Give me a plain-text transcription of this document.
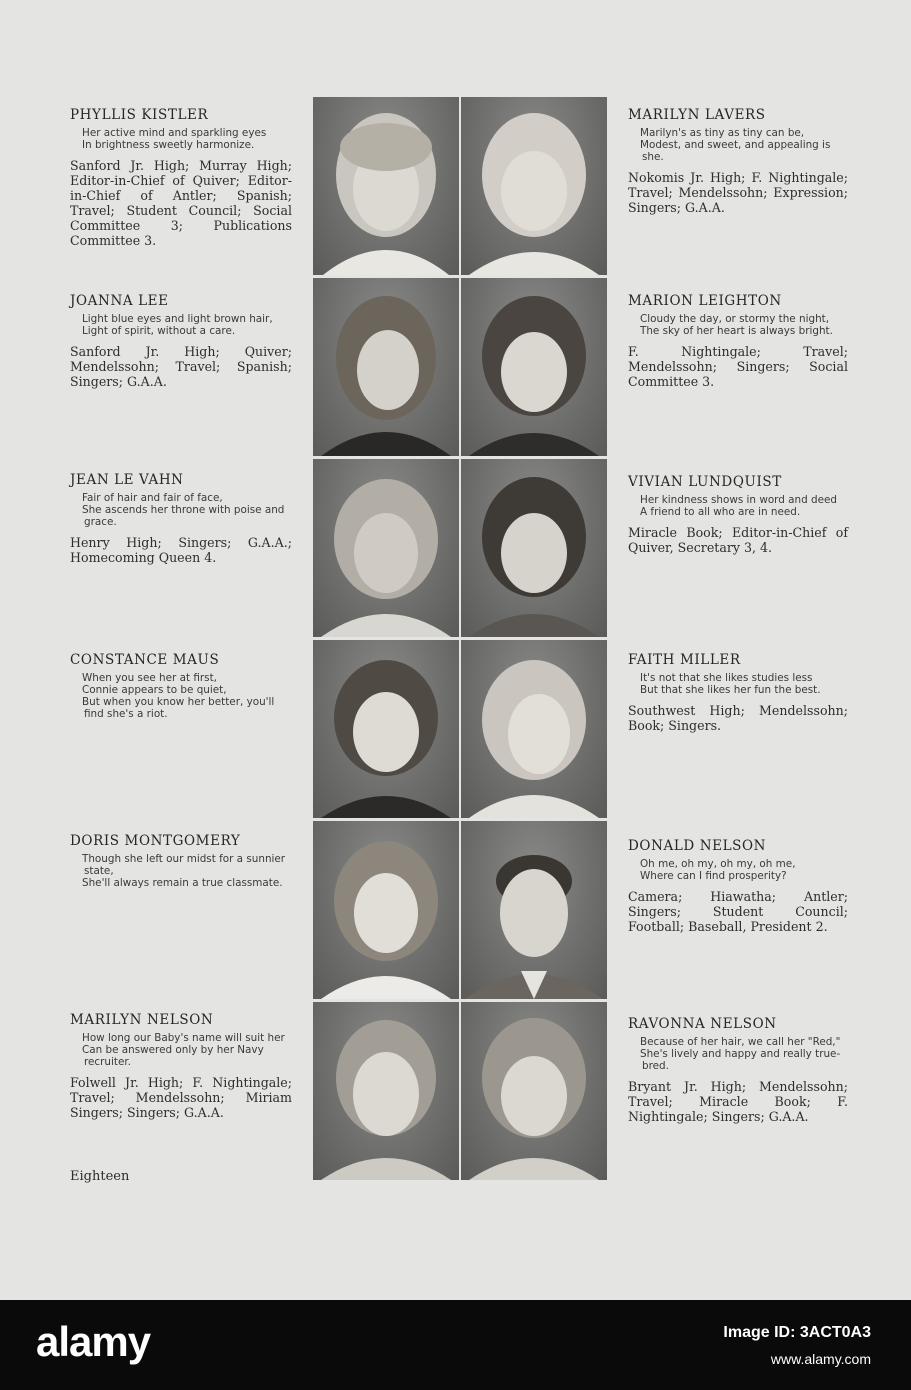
PHYLLIS KISTLER
Her active mind and sparkling eyes
In brightness sweetly harmonize.
Sanford Jr. High; Murray High; Editor-in-Chief of Quiver; Editor-in-Chief of Antler; Spanish; Travel; Student Council; Social Committee 3; Publications Committee 3.
JOANNA LEE
Light blue eyes and light brown hair,
Light of spirit, without a care.
Sanford Jr. High; Quiver; Mendelssohn; Travel; Spanish; Singers; G.A.A.
JEAN LE VAHN
Fair of hair and fair of face,
She ascends her throne with poise and grace.
Henry High; Singers; G.A.A.; Homecoming Queen 4.
CONSTANCE MAUS
When you see her at first,
Connie appears to be quiet,
But when you know her better, you'll find she's a riot.
DORIS MONTGOMERY
Though she left our midst for a sunnier state,
She'll always remain a true classmate.
MARILYN NELSON
How long our Baby's name will suit her
Can be answered only by her Navy recruiter.
Folwell Jr. High; F. Nightingale; Travel; Mendelssohn; Miriam Singers; Singers; G.A.A.
MARILYN LAVERS
Marilyn's as tiny as tiny can be,
Modest, and sweet, and appealing is she.
Nokomis Jr. High; F. Nightingale; Travel; Mendelssohn; Expression; Singers; G.A.A.
MARION LEIGHTON
Cloudy the day, or stormy the night,
The sky of her heart is always bright.
F. Nightingale; Travel; Mendelssohn; Singers; Social Committee 3.
VIVIAN LUNDQUIST
Her kindness shows in word and deed
A friend to all who are in need.
Miracle Book; Editor-in-Chief of Quiver, Secretary 3, 4.
FAITH MILLER
It's not that she likes studies less
But that she likes her fun the best.
Southwest High; Mendelssohn; Book; Singers.
DONALD NELSON
Oh me, oh my, oh my, oh me,
Where can I find prosperity?
Camera; Hiawatha; Antler; Singers; Student Council; Football; Baseball, President 2.
RAVONNA NELSON
Because of her hair, we call her "Red,"
She's lively and happy and really true-bred.
Bryant Jr. High; Mendelssohn; Travel; Miracle Book; F. Nightingale; Singers; G.A.A.
Eighteen
alamy	Image ID: 3ACT0A3
www.alamy.com
